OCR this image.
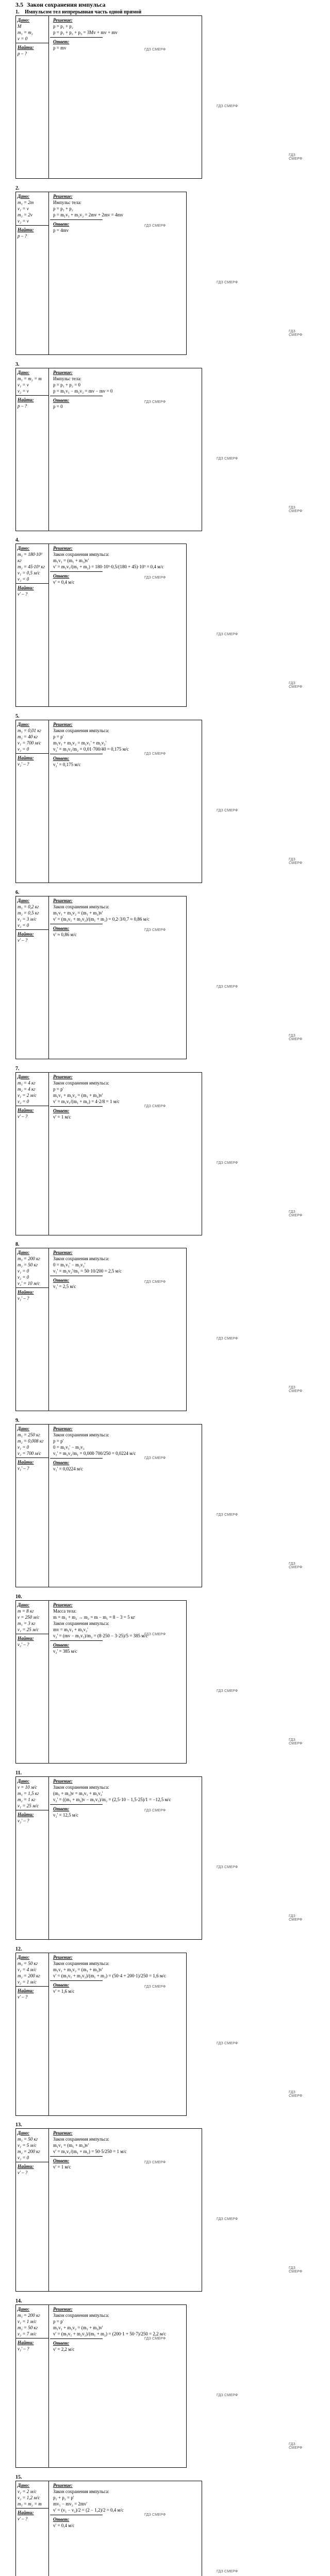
3.5 Закон сохранения импульса
1. Импульсом тел непрерывная часть одной прямой
Дано:
M
m₁ = m₂
v = 0
Найти:
p – ?
Решение:
p = p₁ + p₂
p = p₁ + p₂ + p₃ = 3Mv + mv + mv
Ответ:
p = mv	ГДЗ СМЕРФ
ГДЗ СМЕРФ
ГДЗ СМЕРФ
2.
Дано:
m₁ = 2m
v₁ = v
m₂ = 2v
v₂ = v
Найти:
p – ?
Решение:
Импульс тела:
p = p₁ + p₂
p = m₁v₁ + m₂v₂ = 2mv + 2mv = 4mv
Ответ:
p = 4mv
ГДЗ СМЕРФ
ГДЗ СМЕРФ
ГДЗ СМЕРФ
3.
Дано:
m₁ = m₂ = m
v₁ = v
v₂ = v
Найти:
p – ?
Решение:
Импульс тела:
p = p₁ + p₂ = 0
p = m₁v₁ − m₂v₂ = mv − mv = 0
Ответ:
p = 0
ГДЗ СМЕРФ
ГДЗ СМЕРФ
ГДЗ СМЕРФ
4.
Дано:
m₁ = 180·10³ кг
m₂ = 45·10³ кг
v₁ = 0,5 м/с
v₂ = 0
Найти:
v' – ?
Решение:
Закон сохранения импульса:
m₁v₁ = (m₁ + m₂)v'
v' = m₁v₁/(m₁ + m₂) = 180·10³·0,5/(180 + 45)·10³ = 0,4 м/с
Ответ:
v' = 0,4 м/с
ГДЗ СМЕРФ
ГДЗ СМЕРФ
ГДЗ СМЕРФ
5.
Дано:
m₁ = 0,01 кг
m₂ = 40 кг
v₁ = 700 м/с
v₂ = 0
Найти:
v₂' – ?
Решение:
Закон сохранения импульса:
p = p'
m₁v₁ + m₂v₂ = m₁v₁' + m₂v₂'
v₂' = m₁v₁/m₂ = 0,01·700/40 = 0,175 м/с
Ответ:
v₂' = 0,175 м/с
ГДЗ СМЕРФ
ГДЗ СМЕРФ
ГДЗ СМЕРФ
6.
Дано:
m₁ = 0,2 кг
m₂ = 0,5 кг
v₁ = 3 м/с
v₂ = 0
Найти:
v' – ?
Решение:
Закон сохранения импульса:
m₁v₁ + m₂v₂ = (m₁ + m₂)v'
v' = (m₁v₁ + m₂v₂)/(m₁ + m₂) = 0,2·3/0,7 ≈ 0,86 м/с
Ответ:
v' ≈ 0,86 м/с
ГДЗ СМЕРФ
ГДЗ СМЕРФ
ГДЗ СМЕРФ
7.
Дано:
m₁ = 4 кг
m₂ = 4 кг
v₁ = 2 м/с
v₂ = 0
Найти:
v' – ?
Решение:
Закон сохранения импульса:
p = p'
m₁v₁ + m₂v₂ = (m₁ + m₂)v'
v' = m₁v₁/(m₁ + m₂) = 4·2/8 = 1 м/с
Ответ:
v' = 1 м/с
ГДЗ СМЕРФ
ГДЗ СМЕРФ
ГДЗ СМЕРФ
8.
Дано:
m₁ = 200 кг
m₂ = 50 кг
v₁ = 0
v₂ = 0
v₂' = 10 м/с
Найти:
v₁' – ?
Решение:
Закон сохранения импульса:
0 = m₁v₁' − m₂v₂'
v₁' = m₂v₂'/m₁ = 50·10/200 = 2,5 м/с
Ответ:
v₁' = 2,5 м/с
ГДЗ СМЕРФ
ГДЗ СМЕРФ
ГДЗ СМЕРФ
9.
Дано:
m₁ = 250 кг
m₂ = 0,008 кг
v₁ = 0
v₂ = 700 м/с
Найти:
v₁' – ?
Решение:
Закон сохранения импульса:
p = p'
0 = m₁v₁' − m₂v₂
v₁' = m₂v₂/m₁ = 0,008·700/250 = 0,0224 м/с
Ответ:
v₁' = 0,0224 м/с
ГДЗ СМЕРФ
ГДЗ СМЕРФ
ГДЗ СМЕРФ
10.
Дано:
m = 8 кг
v = 250 м/с
m₁ = 3 кг
v₁ = 25 м/с
Найти:
v₂' – ?
Решение:
Масса тела:
m = m₁ + m₂ → m₂ = m − m₁ = 8 − 3 = 5 кг
Закон сохранения импульса:
mv = m₁v₁ + m₂v₂'
v₂' = (mv − m₁v₁)/m₂ = (8·250 − 3·25)/5 = 385 м/с
Ответ:
v₂' = 385 м/с
ГДЗ СМЕРФ
ГДЗ СМЕРФ
ГДЗ СМЕРФ
11.
Дано:
v = 10 м/с
m₁ = 1,5 кг
m₂ = 1 кг
v₁ = 25 м/с
Найти:
v₂' – ?
Решение:
Закон сохранения импульса:
(m₁ + m₂)v = m₁v₁ + m₂v₂'
v₂' = ((m₁ + m₂)v − m₁v₁)/m₂ = (2,5·10 − 1,5·25)/1 = −12,5 м/с
Ответ:
v₂' = 12,5 м/с
ГДЗ СМЕРФ
ГДЗ СМЕРФ
ГДЗ СМЕРФ
12.
Дано:
m₁ = 50 кг
v₁ = 4 м/с
m₂ = 200 кг
v₂ = 1 м/с
Найти:
v' – ?
Решение:
Закон сохранения импульса:
m₁v₁ + m₂v₂ = (m₁ + m₂)v'
v' = (m₁v₁ + m₂v₂)/(m₁ + m₂) = (50·4 + 200·1)/250 = 1,6 м/с
Ответ:
v' = 1,6 м/с
ГДЗ СМЕРФ
ГДЗ СМЕРФ
ГДЗ СМЕРФ
13.
Дано:
m₁ = 50 кг
v₁ = 5 м/с
m₂ = 200 кг
v₂ = 0
Найти:
v' – ?
Решение:
Закон сохранения импульса:
m₁v₁ = (m₁ + m₂)v'
v' = m₁v₁/(m₁ + m₂) = 50·5/250 = 1 м/с
Ответ:
v' = 1 м/с
ГДЗ СМЕРФ
ГДЗ СМЕРФ
ГДЗ СМЕРФ
14.
Дано:
m₁ = 200 кг
v₁ = 1 м/с
m₂ = 50 кг
v₂ = 7 м/с
Найти:
v₁' – ?
Решение:
Закон сохранения импульса:
p = p'
m₁v₁ + m₂v₂ = (m₁ + m₂)v'
v' = (m₁v₁ + m₂v₂)/(m₁ + m₂) = (200·1 + 50·7)/250 = 2,2 м/с
Ответ:
v' = 2,2 м/с
ГДЗ СМЕРФ
ГДЗ СМЕРФ
ГДЗ СМЕРФ
15.
Дано:
v₁ = 2 м/с
v₂ = 1,2 м/с
m₁ = m₂ = m
Найти:
v' – ?
Решение:
Закон сохранения импульса:
p₁ + p₂ = p'
mv₁ − mv₂ = 2mv'
v' = (v₁ − v₂)/2 = (2 − 1,2)/2 = 0,4 м/с
Ответ:
v' = 0,4 м/с
ГДЗ СМЕРФ
ГДЗ СМЕРФ
